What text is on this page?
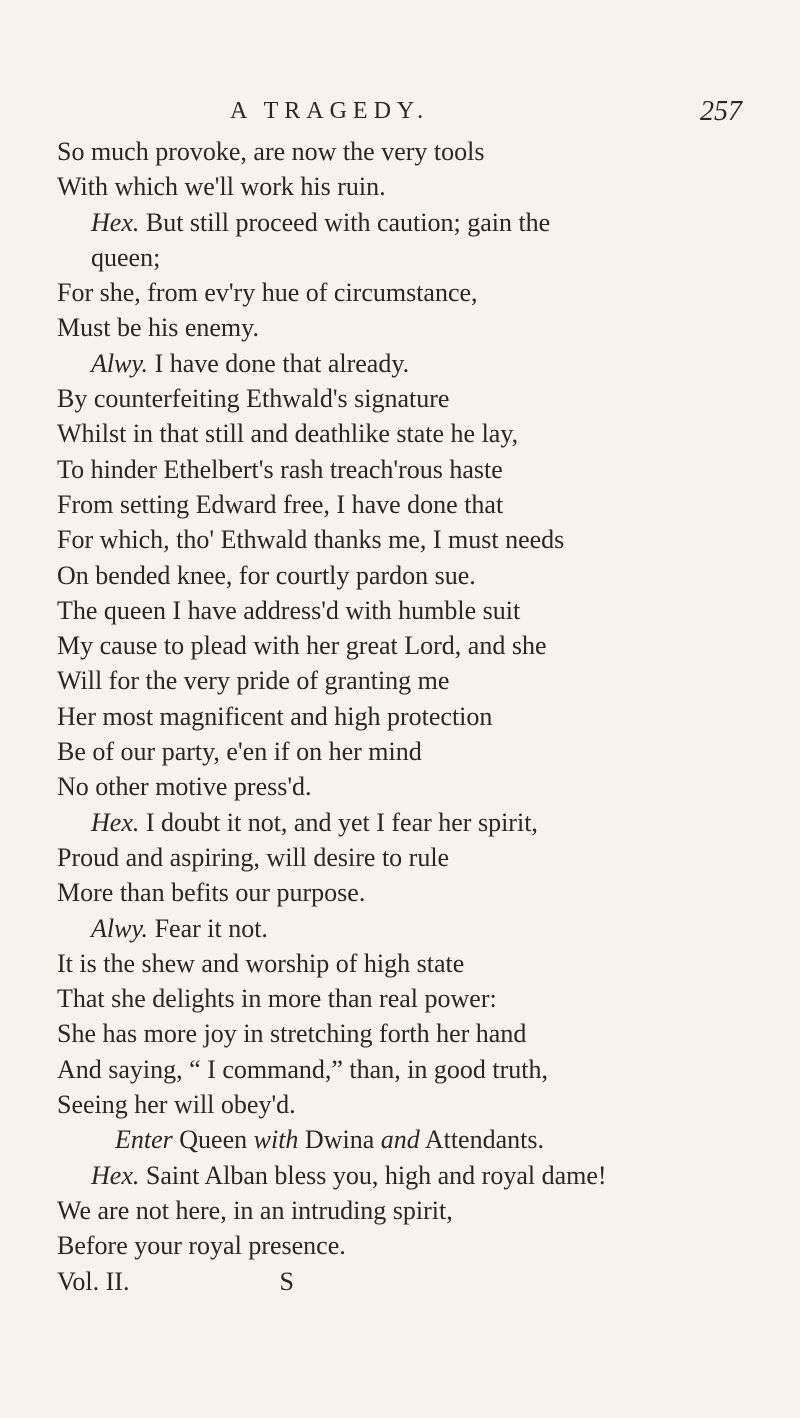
A TRAGEDY.	257
So much provoke, are now the very tools
With which we'll work his ruin.
Hex. But still proceed with caution; gain the
queen;
For she, from ev'ry hue of circumstance,
Must be his enemy.
Alwy. I have done that already.
By counterfeiting Ethwald's signature
Whilst in that still and deathlike state he lay,
To hinder Ethelbert's rash treach'rous haste
From setting Edward free, I have done that
For which, tho' Ethwald thanks me, I must needs
On bended knee, for courtly pardon sue.
The queen I have address'd with humble suit
My cause to plead with her great Lord, and she
Will for the very pride of granting me
Her most magnificent and high protection
Be of our party, e'en if on her mind
No other motive press'd.
Hex. I doubt it not, and yet I fear her spirit,
Proud and aspiring, will desire to rule
More than befits our purpose.
Alwy. Fear it not.
It is the shew and worship of high state
That she delights in more than real power:
She has more joy in stretching forth her hand
And saying, “ I command,” than, in good truth,
Seeing her will obey'd.
Enter Queen with Dwina and Attendants.
Hex. Saint Alban bless you, high and royal dame!
We are not here, in an intruding spirit,
Before your royal presence.
Vol. II.	S
